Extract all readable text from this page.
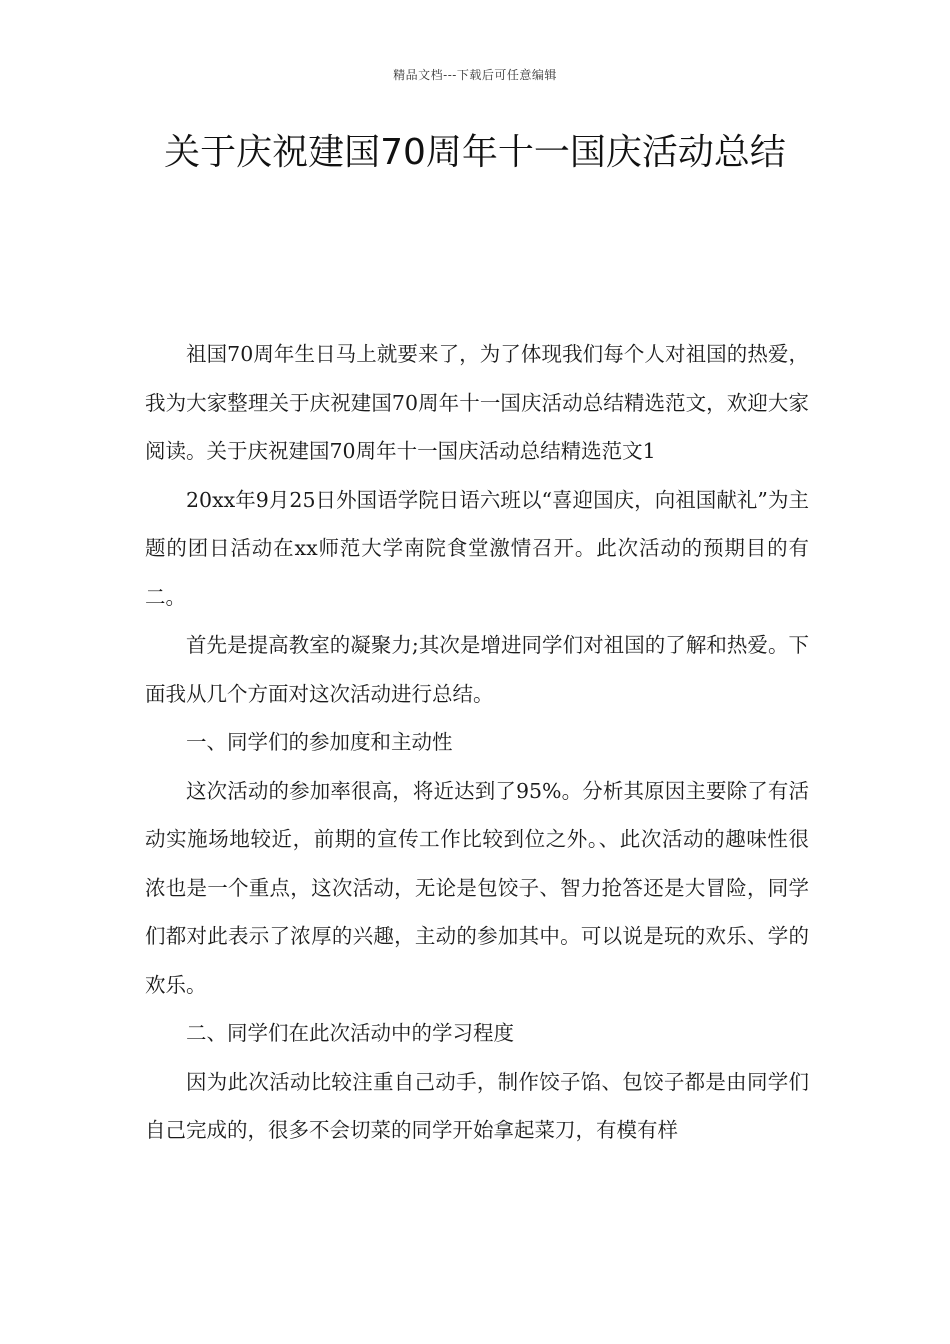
精品文档---下载后可任意编辑
关于庆祝建国70周年十一国庆活动总结

祖国70周年生日马上就要来了，为了体现我们每个人对祖国的热爱，我为大家整理关于庆祝建国70周年十一国庆活动总结精选范文，欢迎大家阅读。关于庆祝建国70周年十一国庆活动总结精选范文1

20xx年9月25日外国语学院日语六班以“喜迎国庆，向祖国献礼”为主题的团日活动在xx师范大学南院食堂激情召开。此次活动的预期目的有二。

首先是提高教室的凝聚力;其次是增进同学们对祖国的了解和热爱。下面我从几个方面对这次活动进行总结。

一、同学们的参加度和主动性

这次活动的参加率很高，将近达到了95%。分析其原因主要除了有活动实施场地较近，前期的宣传工作比较到位之外。、此次活动的趣味性很浓也是一个重点，这次活动，无论是包饺子、智力抢答还是大冒险，同学们都对此表示了浓厚的兴趣，主动的参加其中。可以说是玩的欢乐、学的欢乐。

二、同学们在此次活动中的学习程度

因为此次活动比较注重自己动手，制作饺子馅、包饺子都是由同学们自己完成的，很多不会切菜的同学开始拿起菜刀，有模有样
